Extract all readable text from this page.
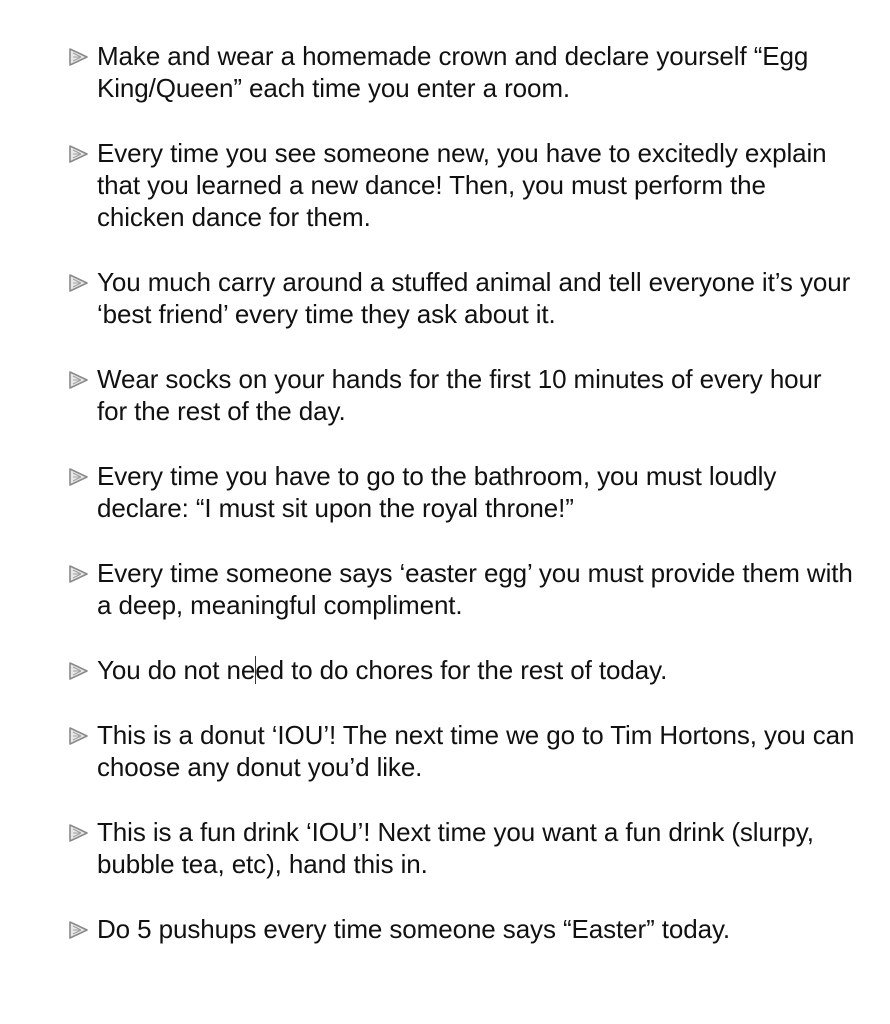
Make and wear a homemade crown and declare yourself “Egg King/Queen” each time you enter a room.
Every time you see someone new, you have to excitedly explain that you learned a new dance! Then, you must perform the chicken dance for them.
You much carry around a stuffed animal and tell everyone it’s your ‘best friend’ every time they ask about it.
Wear socks on your hands for the first 10 minutes of every hour for the rest of the day.
Every time you have to go to the bathroom, you must loudly declare: “I must sit upon the royal throne!”
Every time someone says ‘easter egg’ you must provide them with a deep, meaningful compliment.
You do not need to do chores for the rest of today.
This is a donut ‘IOU’! The next time we go to Tim Hortons, you can choose any donut you’d like.
This is a fun drink ‘IOU’! Next time you want a fun drink (slurpy, bubble tea, etc), hand this in.
Do 5 pushups every time someone says “Easter” today.
